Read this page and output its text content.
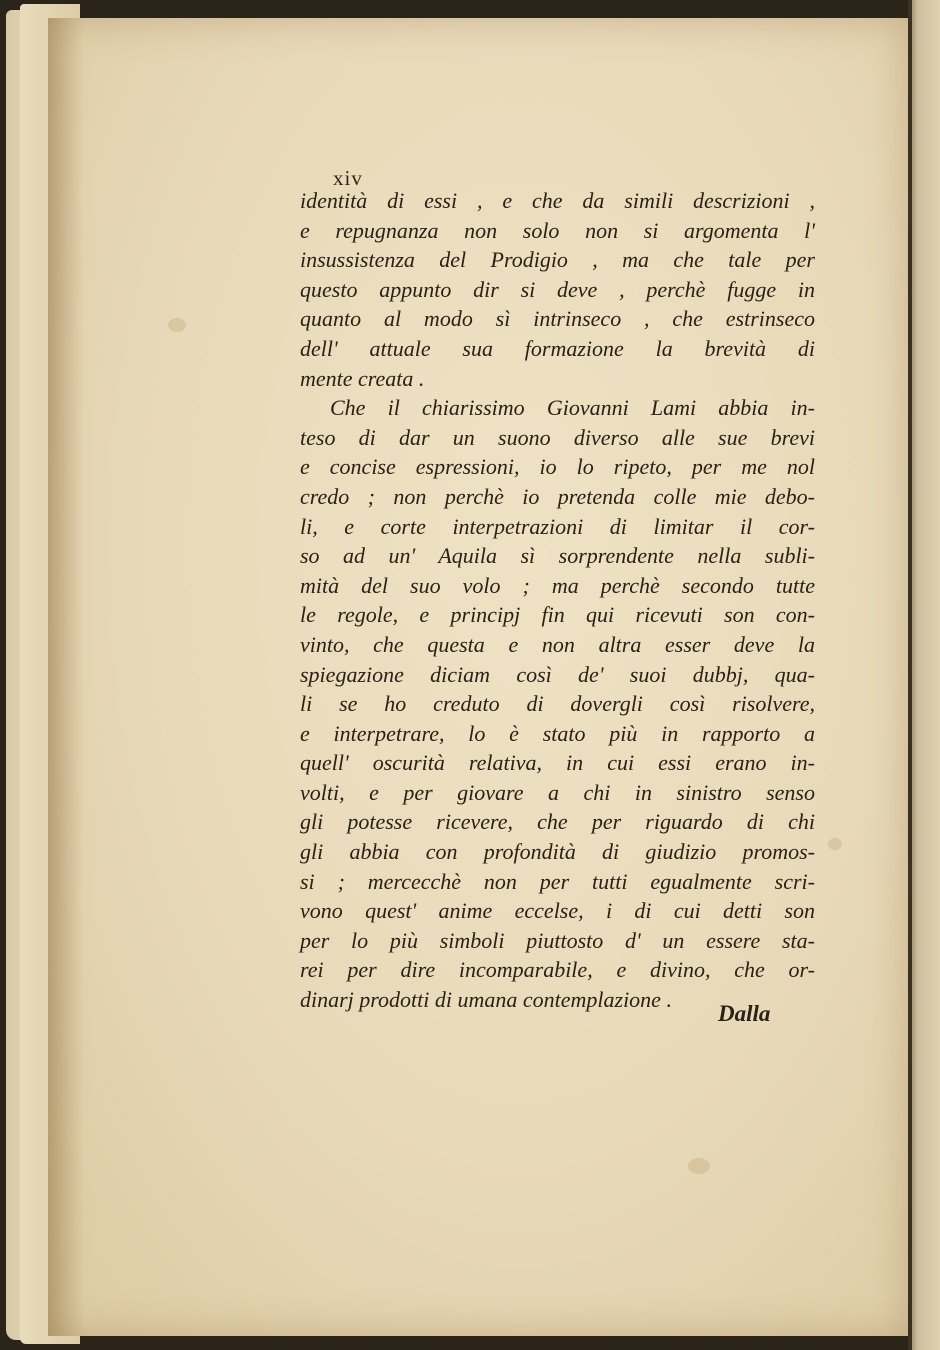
xiv
identità di essi , e che da simili descrizioni ,
e repugnanza non solo non si argomenta l'
insussistenza del Prodigio , ma che tale per
questo appunto dir si deve , perchè fugge in
quanto al modo sì intrinseco , che estrinseco
dell' attuale sua formazione la brevità di
mente creata .
Che il chiarissimo Giovanni Lami abbia in-
teso di dar un suono diverso alle sue brevi
e concise espressioni, io lo ripeto, per me nol
credo ; non perchè io pretenda colle mie debo-
li, e corte interpetrazioni di limitar il cor-
so ad un' Aquila sì sorprendente nella subli-
mità del suo volo ; ma perchè secondo tutte
le regole, e principj fin qui ricevuti son con-
vinto, che questa e non altra esser deve la
spiegazione diciam così de' suoi dubbj, qua-
li se ho creduto di dovergli così risolvere,
e interpetrare, lo è stato più in rapporto a
quell' oscurità relativa, in cui essi erano in-
volti, e per giovare a chi in sinistro senso
gli potesse ricevere, che per riguardo di chi
gli abbia con profondità di giudizio promos-
si ; mercecchè non per tutti egualmente scri-
vono quest' anime eccelse, i di cui detti son
per lo più simboli piuttosto d' un essere sta-
rei per dire incomparabile, e divino, che or-
dinarj prodotti di umana contemplazione .
Dalla
